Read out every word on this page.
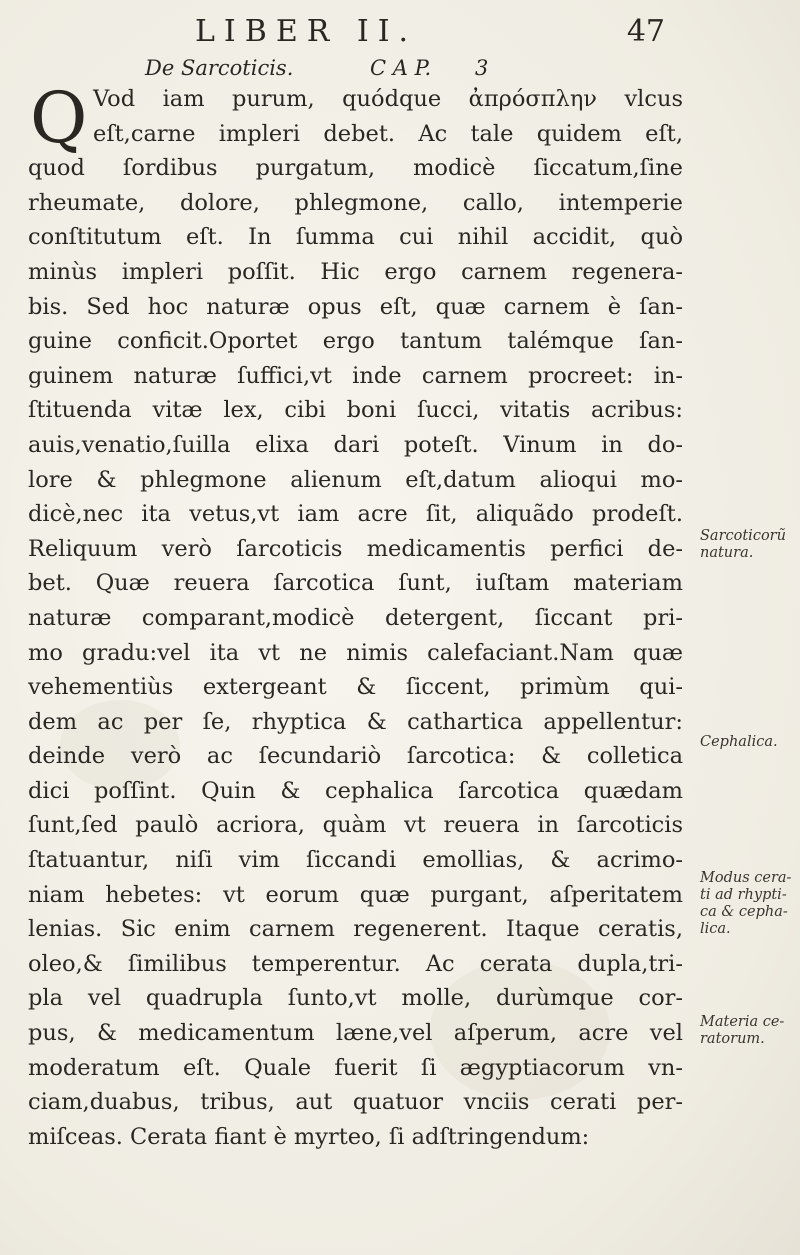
LIBER II.	47
De Sarcoticis.	C A P. 3
Q Vod iam purum, quódque ἀπρόσπλην vlcus
eſt,carne impleri debet. Ac tale quidem eſt,
quod ſordibus purgatum, modicè ſiccatum,ſine
rheumate, dolore, phlegmone, callo, intemperie
conſtitutum eſt. In ſumma cui nihil accidit, quò
minùs impleri poſſit. Hic ergo carnem regenera-
bis. Sed hoc naturæ opus eſt, quæ carnem è ſan-
guine conficit.Oportet ergo tantum talémque ſan-
guinem naturæ ſuffici,vt inde carnem procreet: in-
ſtituenda vitæ lex, cibi boni ſucci, vitatis acribus:
auis,venatio,ſuilla elixa dari poteſt. Vinum in do-
lore & phlegmone alienum eſt,datum alioqui mo-
dicè,nec ita vetus,vt iam acre ſit, aliquãdo prodeſt.
Reliquum verò ſarcoticis medicamentis perfici de-
bet. Quæ reuera ſarcotica ſunt, iuſtam materiam
naturæ comparant,modicè detergent, ſiccant pri-
mo gradu:vel ita vt ne nimis calefaciant.Nam quæ
vehementiùs extergeant & ſiccent, primùm qui-
dem ac per ſe, rhyptica & cathartica appellentur:
deinde verò ac ſecundariò ſarcotica: & colletica
dici poſſint. Quin & cephalica ſarcotica quædam
ſunt,ſed paulò acriora, quàm vt reuera in ſarcoticis
ſtatuantur, niſi vim ſiccandi emollias, & acrimo-
niam hebetes: vt eorum quæ purgant, aſperitatem
lenias. Sic enim carnem regenerent. Itaque ceratis,
oleo,& ſimilibus temperentur. Ac cerata dupla,tri-
pla vel quadrupla ſunto,vt molle, durùmque cor-
pus, & medicamentum læne,vel aſperum, acre vel
moderatum eſt. Quale fuerit ſi ægyptiacorum vn-
ciam,duabus, tribus, aut quatuor vnciis cerati per-
miſceas. Cerata fiant è myrteo, ſi adſtringendum:
Sarcoticorũ
natura.
Cephalica.
Modus cera-
ti ad rhypti-
ca & cepha-
lica.
Materia ce-
ratorum.
